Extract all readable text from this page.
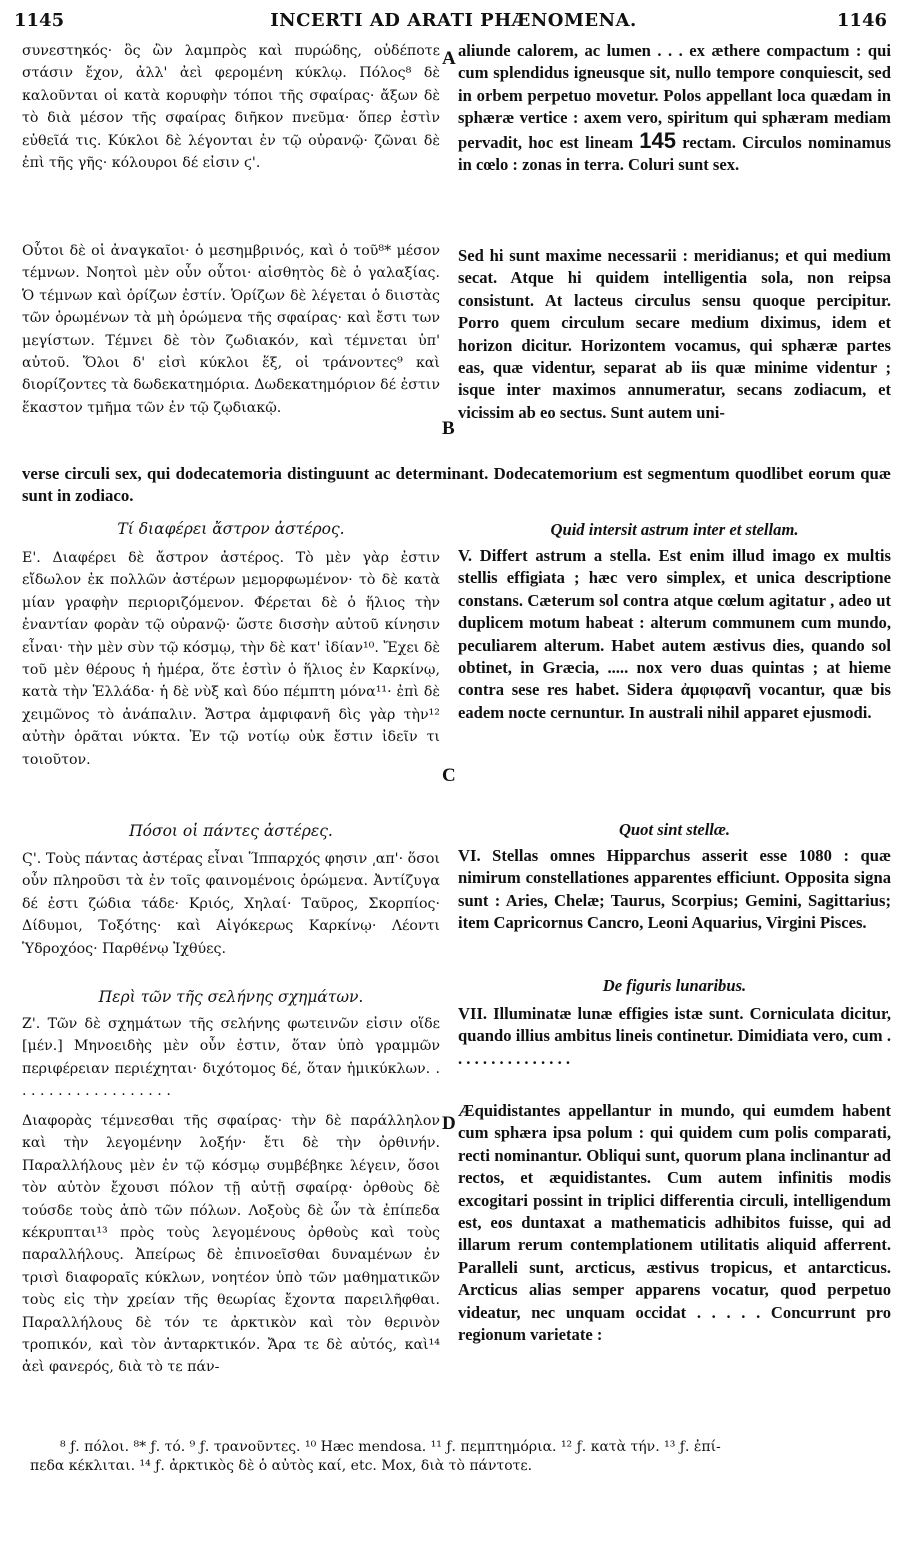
1145	INCERTI AD ARATI PHÆNOMENA.	1146
συνεστηκός· ὃς ὢν λαμπρὸς καὶ πυρώδης, οὐδέποτε στάσιν ἔχον, ἀλλ' ἀεὶ φερομένη κύκλῳ. Πόλος⁸ δὲ καλοῦνται οἱ κατὰ κορυφὴν τόποι τῆς σφαίρας· ἄξων δὲ τὸ διὰ μέσον τῆς σφαίρας διῆκον πνεῦμα· ὅπερ ἐστὶν εὐθεῖά τις. Κύκλοι δὲ λέγονται ἐν τῷ οὐρανῷ· ζῶναι δὲ ἐπὶ τῆς γῆς· κόλουροι δέ εἰσιν ϛ'.
Οὗτοι δὲ οἱ ἀναγκαῖοι· ὁ μεσημβρινός, καὶ ὁ τοῦ⁸* μέσον τέμνων. Νοητοὶ μὲν οὖν οὗτοι· αἰσθητὸς δὲ ὁ γαλαξίας. Ὁ τέμνων καὶ ὁρίζων ἐστίν. Ὁρίζων δὲ λέγεται ὁ διιστὰς τῶν ὁρωμένων τὰ μὴ ὁρώμενα τῆς σφαίρας· καὶ ἔστι των μεγίστων. Τέμνει δὲ τὸν ζωδιακόν, καὶ τέμνεται ὑπ' αὐτοῦ. Ὅλοι δ' εἰσὶ κύκλοι ἕξ, οἱ τράνοντες⁹ καὶ διορίζοντες τὰ δωδεκατημόρια. Δωδεκατημόριον δέ ἐστιν ἕκαστον τμῆμα τῶν ἐν τῷ ζῳδιακῷ.
verse circuli sex, qui dodecatemoria distinguunt ac determinant. Dodecatemorium est segmentum quodlibet eorum quæ sunt in zodiaco.
aliunde calorem, ac lumen . . . ex æthere compactum : qui cum splendidus igneusque sit, nullo tempore conquiescit, sed in orbem perpetuo movetur. Polos appellant loca quædam in sphæræ vertice : axem vero, spiritum qui sphæram mediam pervadit, hoc est lineam 145 rectam. Circulos nominamus in cœlo : zonas in terra. Coluri sunt sex.
Sed hi sunt maxime necessarii : meridianus; et qui medium secat. Atque hi quidem intelligentia sola, non reipsa consistunt. At lacteus circulus sensu quoque percipitur. Porro quem circulum secare medium diximus, idem et horizon dicitur. Horizontem vocamus, qui sphæræ partes eas, quæ videntur, separat ab iis quæ minime videntur ; isque inter maximos annumeratur, secans zodiacum, et vicissim ab eo sectus. Sunt autem uni-
A
B
C
D
Τί διαφέρει ἄστρον ἀστέρος.
Ε'. Διαφέρει δὲ ἄστρον ἀστέρος. Τὸ μὲν γὰρ ἐστιν εἴδωλον ἐκ πολλῶν ἀστέρων μεμορφωμένον· τὸ δὲ κατὰ μίαν γραφὴν περιοριζόμενον. Φέρεται δὲ ὁ ἥλιος τὴν ἐναντίαν φορὰν τῷ οὐρανῷ· ὥστε δισσὴν αὐτοῦ κίνησιν εἶναι· τὴν μὲν σὺν τῷ κόσμῳ, τὴν δὲ κατ' ἰδίαν¹⁰. Ἔχει δὲ τοῦ μὲν θέρους ἡ ἡμέρα, ὅτε ἐστὶν ὁ ἥλιος ἐν Καρκίνῳ, κατὰ τὴν Ἑλλάδα· ἡ δὲ νὺξ καὶ δύο πέμπτη μόνα¹¹· ἐπὶ δὲ χειμῶνος τὸ ἀνάπαλιν. Ἄστρα ἀμφιφανῆ δὶς γὰρ τὴν¹² αὐτὴν ὁρᾶται νύκτα. Ἐν τῷ νοτίῳ οὐκ ἔστιν ἰδεῖν τι τοιοῦτον.
Quid intersit astrum inter et stellam.
V. Differt astrum a stella. Est enim illud imago ex multis stellis effigiata ; hæc vero simplex, et unica descriptione constans. Cæterum sol contra atque cœlum agitatur , adeo ut duplicem motum habeat : alterum communem cum mundo, peculiarem alterum. Habet autem æstivus dies, quando sol obtinet, in Græcia, ..... nox vero duas quintas ; at hieme contra sese res habet. Sidera ἀμφιφανῆ vocantur, quæ bis eadem nocte cernuntur. In australi nihil apparet ejusmodi.
Πόσοι οἱ πάντες ἀστέρες.
Ϛ'. Τοὺς πάντας ἀστέρας εἶναι Ἵππαρχός φησιν ͵απ'· ὅσοι οὖν πληροῦσι τὰ ἐν τοῖς φαινομένοις ὁρώμενα. Ἀντίζυγα δέ ἐστι ζώδια τάδε· Κριός, Χηλαί· Ταῦρος, Σκορπίος· Δίδυμοι, Τοξότης· καὶ Αἰγόκερως Καρκίνῳ· Λέοντι Ὑδροχόος· Παρθένῳ Ἰχθύες.
Quot sint stellæ.
VI. Stellas omnes Hipparchus asserit esse 1080 : quæ nimirum constellationes apparentes efficiunt. Opposita signa sunt : Aries, Chelæ; Taurus, Scorpius; Gemini, Sagittarius; item Capricornus Cancro, Leoni Aquarius, Virgini Pisces.
Περὶ τῶν τῆς σελήνης σχημάτων.
Ζ'. Τῶν δὲ σχημάτων τῆς σελήνης φωτεινῶν εἰσιν οἵδε [μέν.] Μηνοειδὴς μὲν οὖν ἐστιν, ὅταν ὑπὸ γραμμῶν περιφέρειαν περιέχηται· διχότομος δέ, ὅταν ἡμικύκλων. . . . . . . . . . . . . . . . . . .
De figuris lunaribus.
VII. Illuminatæ lunæ effigies istæ sunt. Corniculata dicitur, quando illius ambitus lineis continetur. Dimidiata vero, cum . . . . . . . . . . . . . . .
Διαφορὰς τέμνεσθαι τῆς σφαίρας· τὴν δὲ παράλληλον καὶ τὴν λεγομένην λοξήν· ἔτι δὲ τὴν ὀρθινήν. Παραλλήλους μὲν ἐν τῷ κόσμῳ συμβέβηκε λέγειν, ὅσοι τὸν αὐτὸν ἔχουσι πόλον τῇ αὐτῇ σφαίρᾳ· ὀρθοὺς δὲ τούσδε τοὺς ἀπὸ τῶν πόλων. Λοξοὺς δὲ ὧν τὰ ἐπίπεδα κέκρυπται¹³ πρὸς τοὺς λεγομένους ὀρθοὺς καὶ τοὺς παραλλήλους. Ἀπείρως δὲ ἐπινοεῖσθαι δυναμένων ἐν τρισὶ διαφοραῖς κύκλων, νοητέον ὑπὸ τῶν μαθηματικῶν τοὺς εἰς τὴν χρείαν τῆς θεωρίας ἔχοντα παρειλῆφθαι. Παραλλήλους δὲ τόν τε ἀρκτικὸν καὶ τὸν θερινὸν τροπικόν, καὶ τὸν ἀνταρκτικόν. Ἄρα τε δὲ αὐτός, καὶ¹⁴ ἀεὶ φανερός, διὰ τὸ τε πάν-
Æquidistantes appellantur in mundo, qui eumdem habent cum sphæra ipsa polum : qui quidem cum polis comparati, recti nominantur. Obliqui sunt, quorum plana inclinantur ad rectos, et æquidistantes. Cum autem infinitis modis excogitari possint in triplici differentia circuli, intelligendum est, eos duntaxat a mathematicis adhibitos fuisse, qui ad illarum rerum contemplationem utilitatis aliquid afferrent. Paralleli sunt, arcticus, æstivus tropicus, et antarcticus. Arcticus alias semper apparens vocatur, quod perpetuo videatur, nec unquam occidat . . . . . Concurrunt pro regionum varietate :
⁸ ƒ. πόλοι. ⁸* ƒ. τό. ⁹ ƒ. τρανοῦντες. ¹⁰ Hæc mendosa. ¹¹ ƒ. πεμπτημόρια. ¹² ƒ. κατὰ τήν. ¹³ ƒ. ἐπί-
πεδα κέκλιται. ¹⁴ ƒ. ἀρκτικὸς δὲ ὁ αὐτὸς καί, etc. Mox, διὰ τὸ πάντοτε.
